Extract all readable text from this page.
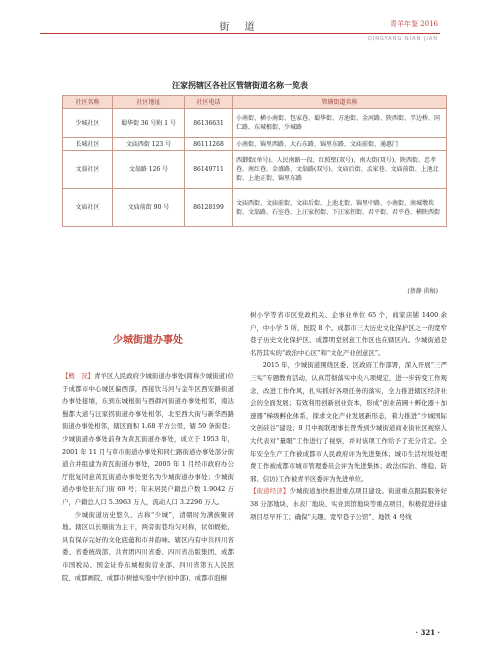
街 道	青羊年鉴 2016
QINGYANG NIAN JIAN
汪家拐辖区各社区管辖街道名称一览表
社区名称	社区地址	社区电话	管辖街道名称
少城社区	蜀华街 36 号附 1 号	86136631	小南街、横小南街、包家巷、蜀华街、方池街、金河路、陕西街、半边桥、同仁路、东城根街、少城路
长城社区	文庙西街 123 号	86111268	小南街、锦里西路、大石东路、锦里东路、文庙前街、通惠门
文翁社区	文翁路 126 号	86149711	西御街(单号)、人民南路一段、红照壁(双号)、南大街(双号)、陕西街、忠孝巷、南红巷、金盛路、文翁路(双号)、文庙后街、孟家巷、文庙前街、上池北街、上池正街、锦里东路
文庙社区	文庙前街 90 号	86128199	文庙西街、文庙前街、文庙后街、上池北街、锦里中路、小南街、南城墩坎街、文翁路、石室巷、上汪家拐街、下汪家拐街、君平街、君平巷、横陕西街
(蔡静 供稿)
少城街道办事处

【概　况】青羊区人民政府少城街道办事处(简称少城街道)位于成都市中心城区偏西部，西接饮马河与金牛区西安路街道办事处接壤，东到东城根街与西御河街道办事处相邻，南达蜀都大道与汪家拐街道办事处相邻，北至西大街与新华西路街道办事处相邻，辖区面积 1.68 平方公里，辖 59 条街巷；少城街道办事处前身为黄瓦街道办事处，成立于 1953 年，2001 年 11 月与草市街道办事处和同仁路街道办事处部分街道合并组建为黄瓦街道办事处，2005 年 1 月经市政府办公厅批复同意黄瓦街道办事处更名为少城街道办事处；少城街道办事处驻东门街 69 号；年末居民户籍总户数 1.9042 万户，户籍总人口 5.3963 万人，流动人口 3.2296 万人。

少城街道历史悠久，古称“少城”，清朝时为满族聚居地。辖区以长顺街为主干，两旁街巷均匀对称，状如蜈蚣，具有保存完好的文化底蕴和市井韵味。辖区内有中共四川省委、省委统战部、共青团四川省委、四川省出版集团、成都市国税局、国金证券东城根街营业部、四川省第五人民医院、成都画院、成都市树德实验中学(初中部)、成都市泡桐

树小学等省市区党政机关、企事业单位 65 个，商家店铺 1400 余户，中小学 5 所、医院 8 个。成都市三大历史文化保护区之一的宽窄巷子历史文化保护区、成都明堂创意工作区也在辖区内。少城街道是名符其实的“政治中心区”和“文化产业创意区”。

2015 年，少城街道围绕区委、区政府工作部署，深入开展“三严三实”专题教育活动，认真贯彻落实中央八项规定，进一步转变工作观念，改进工作作风，扎实抓好各项任务的落实，全力推进辖区经济社会的全面发展；有效利用创新创业资本，形成“创业苗圃＋孵化器＋加速器”梯级孵化体系，探求文化产业发展新形态，着力推进“少城国际文创硅谷”建设；9 月中视联理事长曾秀到少城街道商业街社区视察人大代表对“量眼”工作进行了视察，并对该项工作给予了充分肯定。全年安全生产工作被成都市人民政府评为先进集体；城市生活垃圾处理费工作被成都市城市管理委员会评为先进集体；政法(综治、维稳、防邪、信访)工作被青羊区委评为先进单位。

【街道经济】少城街道加快推进重点项目建设。街道重点跟踪服务好 38 分部地块、水表厂地块、实业宾馆地块等重点项目，积极促进待建项目尽早开工；确保“天趣、宽窄巷子公馆”、地铁 4 号线

· 321 ·
